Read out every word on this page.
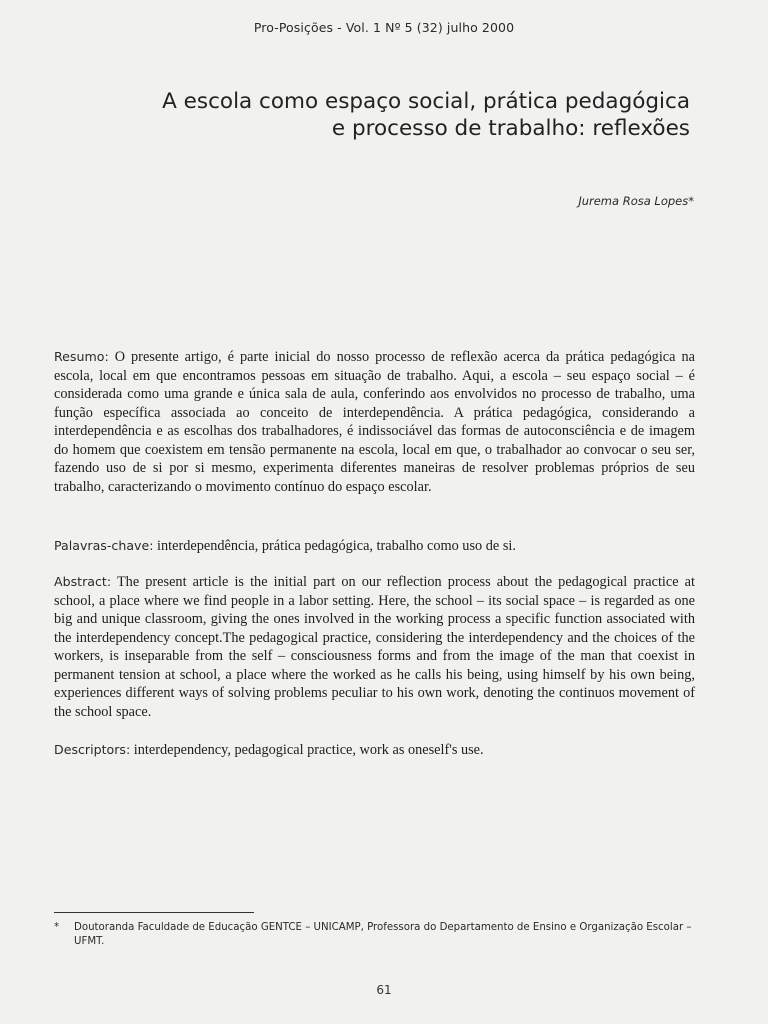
Pro-Posições - Vol. 1 Nº 5 (32) julho 2000
A escola como espaço social, prática pedagógica
e processo de trabalho: reflexões
Jurema Rosa Lopes*

Resumo: O presente artigo, é parte inicial do nosso processo de reflexão acerca da prática pedagógica na escola, local em que encontramos pessoas em situação de trabalho. Aqui, a escola – seu espaço social – é considerada como uma grande e única sala de aula, conferindo aos envolvidos no processo de trabalho, uma função específica associada ao conceito de interdependência. A prática pedagógica, considerando a interdependência e as escolhas dos trabalhadores, é indissociável das formas de autoconsciência e de imagem do homem que coexistem em tensão permanente na escola, local em que, o trabalhador ao convocar o seu ser, fazendo uso de si por si mesmo, experimenta diferentes maneiras de resolver problemas próprios de seu trabalho, caracterizando o movimento contínuo do espaço escolar.

Palavras-chave: interdependência, prática pedagógica, trabalho como uso de si.

Abstract: The present article is the initial part on our reflection process about the pedagogical practice at school, a place where we find people in a labor setting. Here, the school – its social space – is regarded as one big and unique classroom, giving the ones involved in the working process a specific function associated with the interdependency concept.The pedagogical practice, considering the interdependency and the choices of the workers, is inseparable from the self – consciousness forms and from the image of the man that coexist in permanent tension at school, a place where the worked as he calls his being, using himself by his own being, experiences different ways of solving problems peculiar to his own work, denoting the continuos movement of the school space.

Descriptors: interdependency, pedagogical practice, work as oneself's use.

*	Doutoranda Faculdade de Educação GENTCE – UNICAMP, Professora do Departamento de Ensino e Organização Escolar – UFMT.
61
